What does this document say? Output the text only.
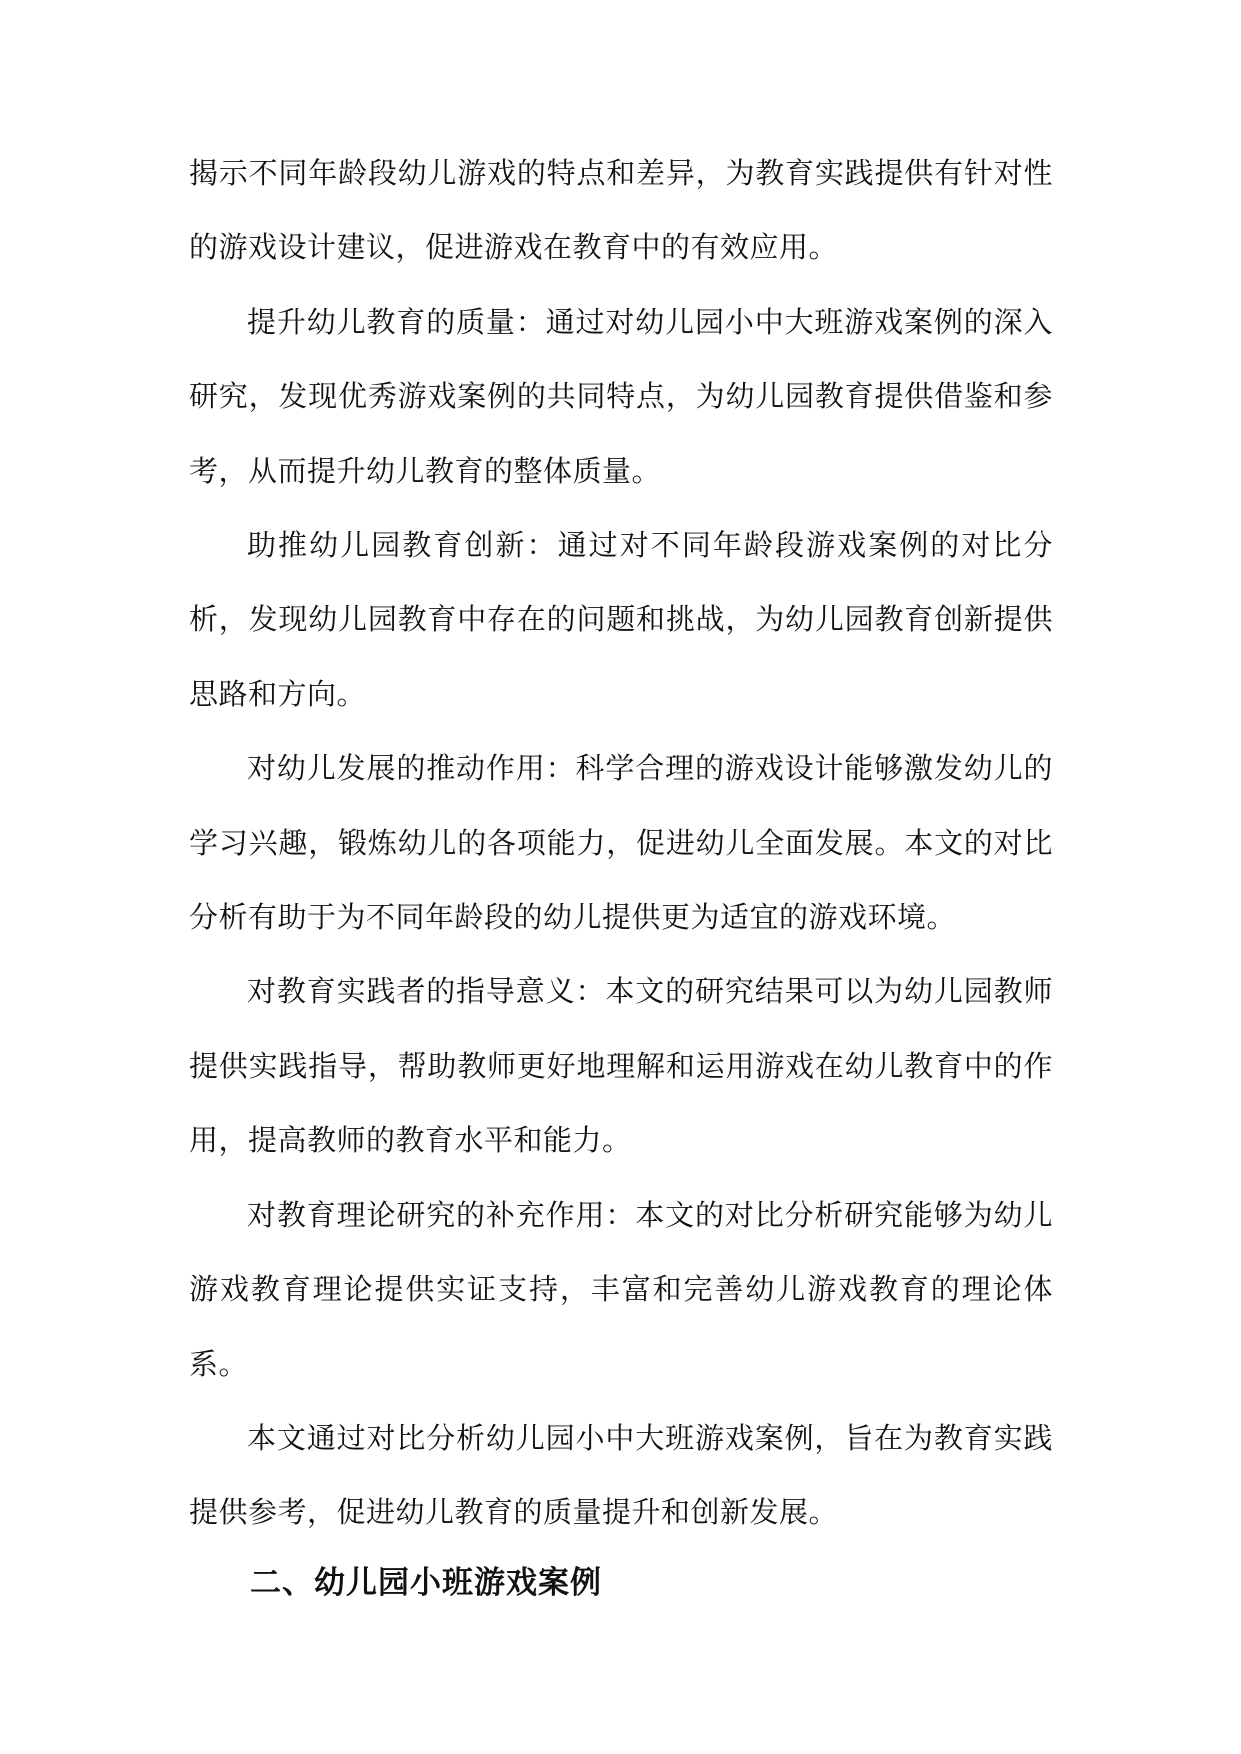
揭示不同年龄段幼儿游戏的特点和差异，为教育实践提供有针对性的游戏设计建议，促进游戏在教育中的有效应用。

提升幼儿教育的质量：通过对幼儿园小中大班游戏案例的深入研究，发现优秀游戏案例的共同特点，为幼儿园教育提供借鉴和参考，从而提升幼儿教育的整体质量。

助推幼儿园教育创新：通过对不同年龄段游戏案例的对比分析，发现幼儿园教育中存在的问题和挑战，为幼儿园教育创新提供思路和方向。

对幼儿发展的推动作用：科学合理的游戏设计能够激发幼儿的学习兴趣，锻炼幼儿的各项能力，促进幼儿全面发展。本文的对比分析有助于为不同年龄段的幼儿提供更为适宜的游戏环境。

对教育实践者的指导意义：本文的研究结果可以为幼儿园教师提供实践指导，帮助教师更好地理解和运用游戏在幼儿教育中的作用，提高教师的教育水平和能力。

对教育理论研究的补充作用：本文的对比分析研究能够为幼儿游戏教育理论提供实证支持，丰富和完善幼儿游戏教育的理论体系。

本文通过对比分析幼儿园小中大班游戏案例，旨在为教育实践提供参考，促进幼儿教育的质量提升和创新发展。

二、幼儿园小班游戏案例
